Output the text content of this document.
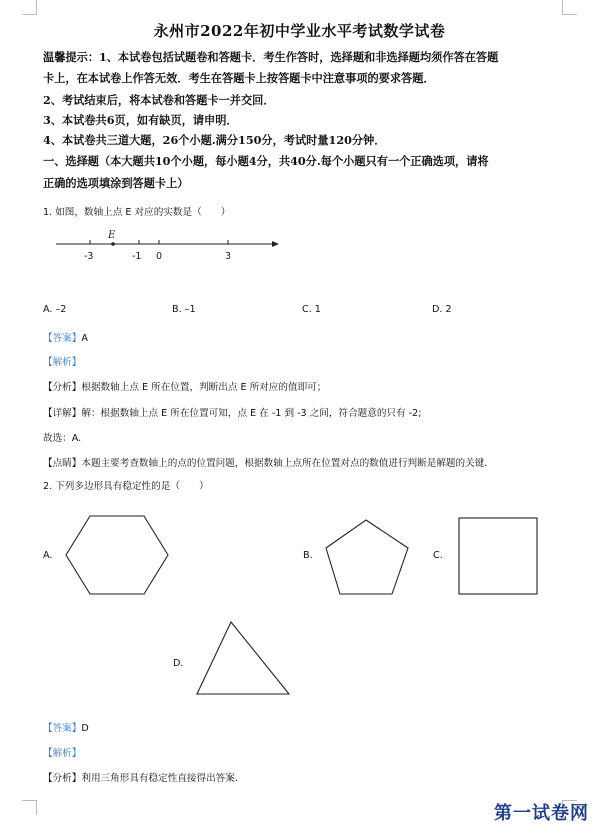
永州市2022年初中学业水平考试数学试卷
温馨提示：1、本试卷包括试题卷和答题卡．考生作答时，选择题和非选择题均须作答在答题
卡上，在本试卷上作答无效．考生在答题卡上按答题卡中注意事项的要求答题．
2、考试结束后，将本试卷和答题卡一并交回．
3、本试卷共6页，如有缺页，请申明．
4、本试卷共三道大题，26个小题.满分150分，考试时量120分钟．
一、选择题（本大题共10个小题，每小题4分，共40分.每个小题只有一个正确选项，请将
正确的选项填涂到答题卡上）
1. 如图，数轴上点 E 对应的实数是（　　）
E
-3	-1 0	3
A. –2	B. –1	C. 1	D. 2
【答案】A
【解析】
【分析】根据数轴上点 E 所在位置，判断出点 E 所对应的值即可；
【详解】解：根据数轴上点 E 所在位置可知，点 E 在 -1 到 -3 之间，符合题意的只有 -2;
故选：A.
【点睛】本题主要考查数轴上的点的位置问题，根据数轴上点所在位置对点的数值进行判断是解题的关键.
2. 下列多边形具有稳定性的是（　　）
A.	B.	C.
D.
【答案】D
【解析】
【分析】利用三角形具有稳定性直接得出答案.
第一试卷网
